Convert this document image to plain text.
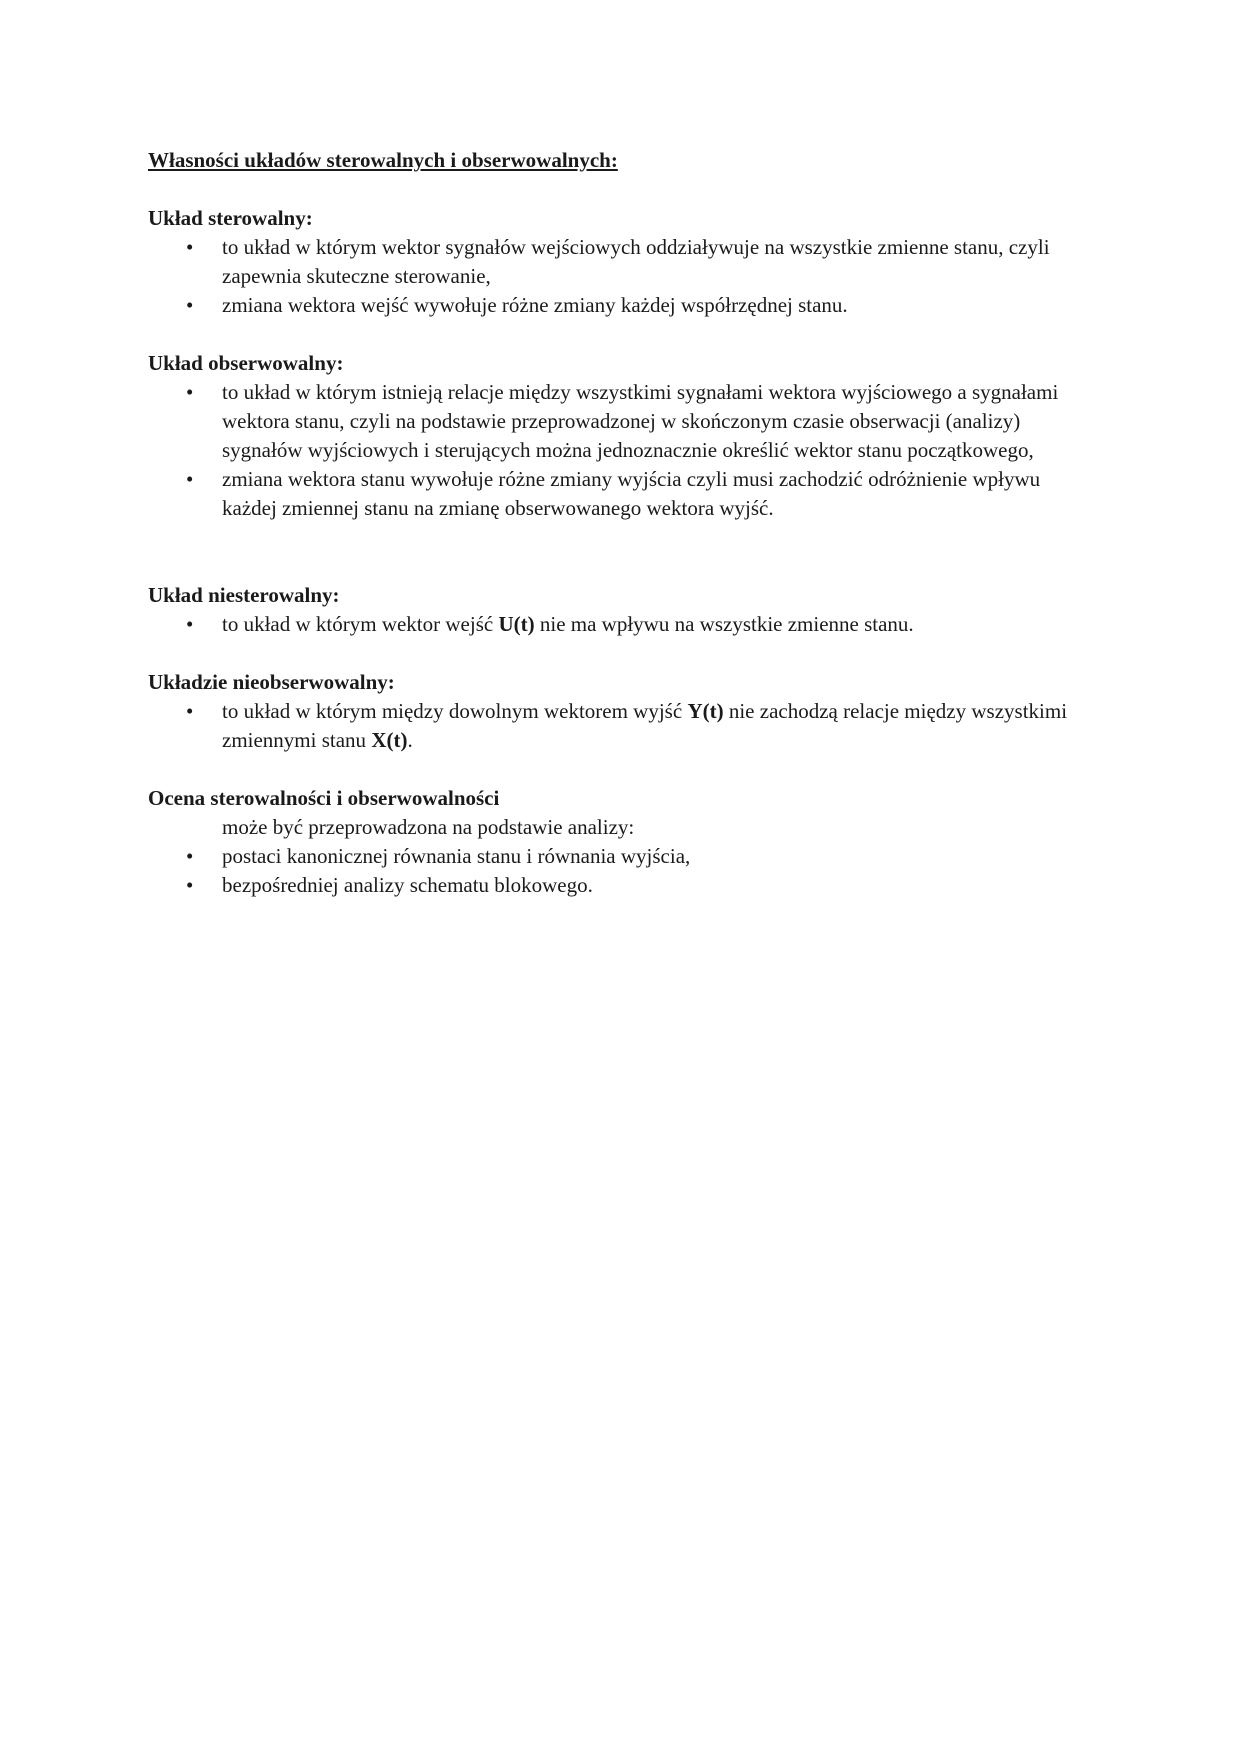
Własności układów sterowalnych i obserwowalnych:

Układ sterowalny:

• to układ w którym wektor sygnałów wejściowych oddziaływuje na wszystkie zmienne stanu, czyli zapewnia skuteczne sterowanie,
• zmiana wektora wejść wywołuje różne zmiany każdej współrzędnej stanu.

Układ obserwowalny:

• to układ w którym istnieją relacje między wszystkimi sygnałami wektora wyjściowego a sygnałami wektora stanu, czyli na podstawie przeprowadzonej w skończonym czasie obserwacji (analizy) sygnałów wyjściowych i sterujących można jednoznacznie określić wektor stanu początkowego,
• zmiana wektora stanu wywołuje różne zmiany wyjścia czyli musi zachodzić odróżnienie wpływu każdej zmiennej stanu na zmianę obserwowanego wektora wyjść.

Układ niesterowalny:

• to układ w którym wektor wejść U(t) nie ma wpływu na wszystkie zmienne stanu.

Układzie nieobserwowalny:

• to układ w którym między dowolnym wektorem wyjść Y(t) nie zachodzą relacje między wszystkimi zmiennymi stanu X(t).

Ocena sterowalności i obserwowalności

może być przeprowadzona na podstawie analizy:

• postaci kanonicznej równania stanu i równania wyjścia,
• bezpośredniej analizy schematu blokowego.
